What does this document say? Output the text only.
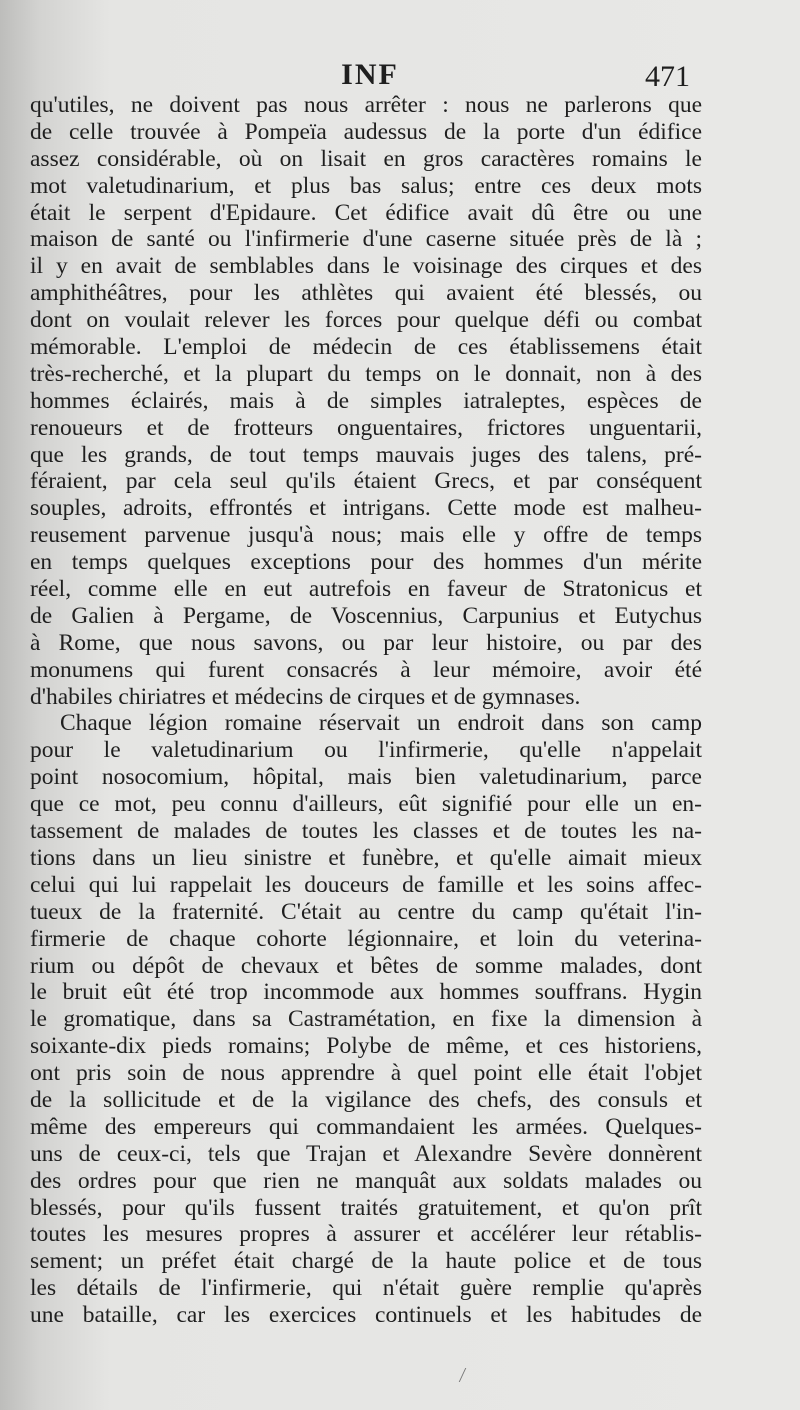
INF	471
qu'utiles, ne doivent pas nous arrêter : nous ne parlerons que
de celle trouvée à Pompeïa audessus de la porte d'un édifice
assez considérable, où on lisait en gros caractères romains le
mot valetudinarium, et plus bas salus; entre ces deux mots
était le serpent d'Epidaure. Cet édifice avait dû être ou une
maison de santé ou l'infirmerie d'une caserne située près de là ;
il y en avait de semblables dans le voisinage des cirques et des
amphithéâtres, pour les athlètes qui avaient été blessés, ou
dont on voulait relever les forces pour quelque défi ou combat
mémorable. L'emploi de médecin de ces établissemens était
très-recherché, et la plupart du temps on le donnait, non à des
hommes éclairés, mais à de simples iatraleptes, espèces de
renoueurs et de frotteurs onguentaires, frictores unguentarii,
que les grands, de tout temps mauvais juges des talens, pré-
féraient, par cela seul qu'ils étaient Grecs, et par conséquent
souples, adroits, effrontés et intrigans. Cette mode est malheu-
reusement parvenue jusqu'à nous; mais elle y offre de temps
en temps quelques exceptions pour des hommes d'un mérite
réel, comme elle en eut autrefois en faveur de Stratonicus et
de Galien à Pergame, de Voscennius, Carpunius et Eutychus
à Rome, que nous savons, ou par leur histoire, ou par des
monumens qui furent consacrés à leur mémoire, avoir été
d'habiles chiriatres et médecins de cirques et de gymnases.
Chaque légion romaine réservait un endroit dans son camp
pour le valetudinarium ou l'infirmerie, qu'elle n'appelait
point nosocomium, hôpital, mais bien valetudinarium, parce
que ce mot, peu connu d'ailleurs, eût signifié pour elle un en-
tassement de malades de toutes les classes et de toutes les na-
tions dans un lieu sinistre et funèbre, et qu'elle aimait mieux
celui qui lui rappelait les douceurs de famille et les soins affec-
tueux de la fraternité. C'était au centre du camp qu'était l'in-
firmerie de chaque cohorte légionnaire, et loin du veterina-
rium ou dépôt de chevaux et bêtes de somme malades, dont
le bruit eût été trop incommode aux hommes souffrans. Hygin
le gromatique, dans sa Castramétation, en fixe la dimension à
soixante-dix pieds romains; Polybe de même, et ces historiens,
ont pris soin de nous apprendre à quel point elle était l'objet
de la sollicitude et de la vigilance des chefs, des consuls et
même des empereurs qui commandaient les armées. Quelques-
uns de ceux-ci, tels que Trajan et Alexandre Sevère donnèrent
des ordres pour que rien ne manquât aux soldats malades ou
blessés, pour qu'ils fussent traités gratuitement, et qu'on prît
toutes les mesures propres à assurer et accélérer leur rétablis-
sement; un préfet était chargé de la haute police et de tous
les détails de l'infirmerie, qui n'était guère remplie qu'après
une bataille, car les exercices continuels et les habitudes de
